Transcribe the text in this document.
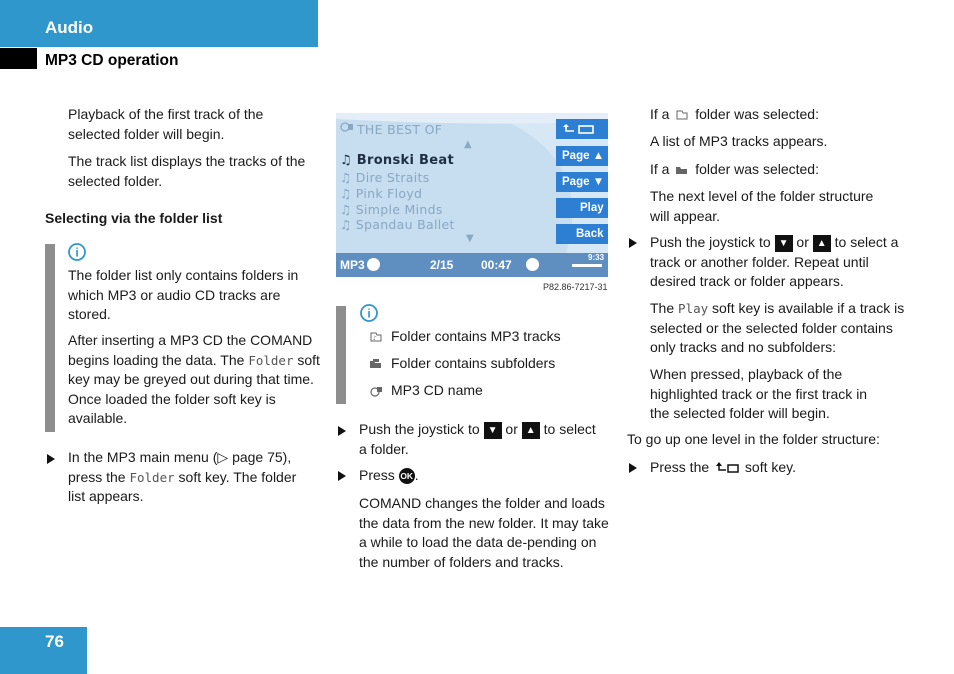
Audio
MP3 CD operation

Playback of the first track of the selected folder will begin.

The track list displays the tracks of the selected folder.

Selecting via the folder list

i

The folder list only contains folders in which MP3 or audio CD tracks are stored.

After inserting a MP3 CD the COMAND begins loading the data. The Folder soft key may be greyed out during that time. Once loaded the folder soft key is available.

In the MP3 main menu (▷ page 75), press the Folder soft key. The folder list appears.

THE BEST OF
▲
♫ Bronski Beat
♫ Dire Straits
♫ Pink Floyd
♫ Simple Minds
♫ Spandau Ballet
▼
Page ▲
Page ▼
Play
Back
MP3	2/15 00:47
9:33
P82.86-7217-31
i
♪ Folder contains MP3 tracks

Folder contains subfolders

MP3 CD name

Push the joystick to ▼ or ▲ to select a folder.

Press OK .

COMAND changes the folder and loads the data from the new folder. It may take a while to load the data de-pending on the number of folders and tracks.

If a  folder was selected:

A list of MP3 tracks appears.

If a  folder was selected:

The next level of the folder structure will appear.

Push the joystick to ▼ or ▲ to select a track or another folder. Repeat until desired track or folder appears.

The Play soft key is available if a track is selected or the selected folder contains only tracks and no subfolders:

When pressed, playback of the highlighted track or the first track in the selected folder will begin.

To go up one level in the folder structure:

Press the  soft key.

76
